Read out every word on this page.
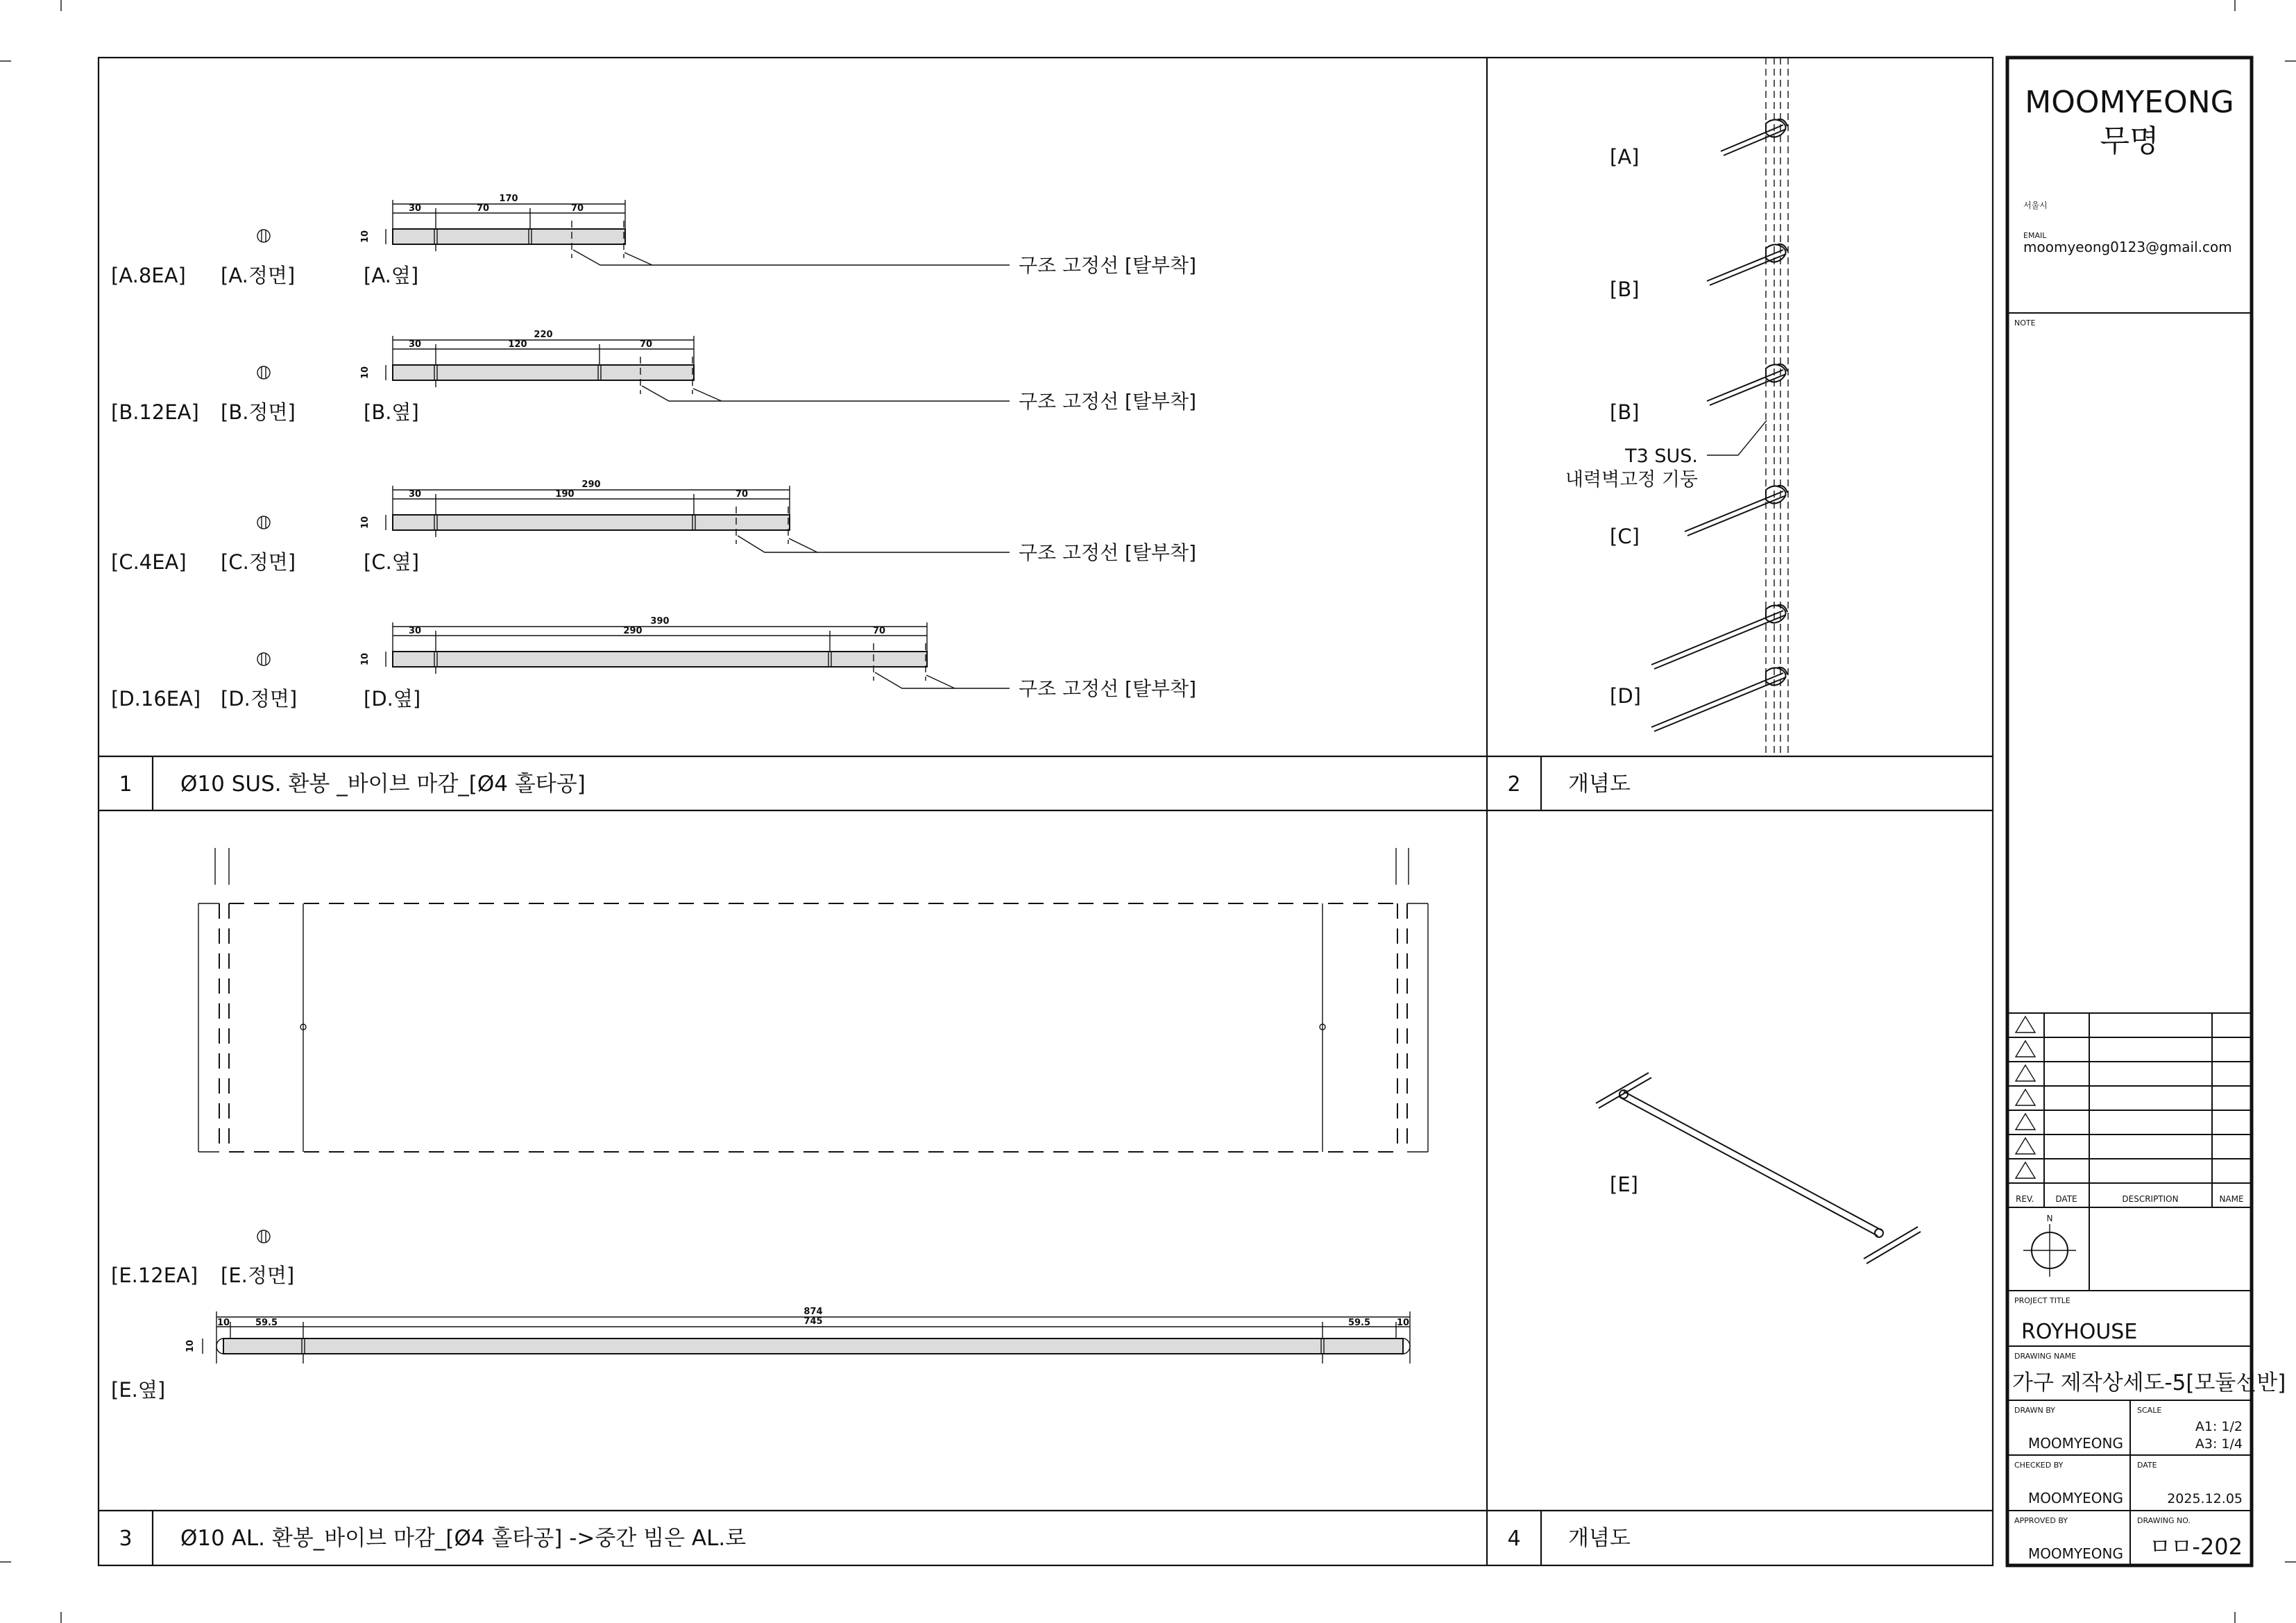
1 Ø10 SUS. 환봉 _바이브 마감_[Ø4 홀타공]
[A.8EA] [A.정면]	[A.옆]
170
30	70	70
10
구조 고정선 [탈부착]
[B.12EA] [B.정면]	[B.옆]
220
30	120	70
10
구조 고정선 [탈부착]
[C.4EA] [C.정면]	[C.옆]
290
30	190	70
10
구조 고정선 [탈부착]
[D.16EA] [D.정면]	[D.옆]
390
30	290	70
10
구조 고정선 [탈부착]
2 개념도
[A]
[B]
[B]
[C]
[D]
T3 SUS.
내력벽고정 기둥
3 Ø10 AL. 환봉_바이브 마감_[Ø4 홀타공] ->중간 빔은 AL.로
[E.12EA] [E.정면]
[E.옆]
874
745
59.5	59.5
10	10
10
4 개념도
[E]
MOOMYEONG
무명
서울시
EMAIL
moomyeong0123@gmail.com
NOTE
REV.	DATE	DESCRIPTION	NAME
N
PROJECT TITLE
ROYHOUSE
DRAWING NAME
가구 제작상세도-5[모듈선반]
DRAWN BY
MOOMYEONG
SCALE
A1: 1/2
A3: 1/4
CHECKED BY
MOOMYEONG
DATE
2025.12.05
APPROVED BY
MOOMYEONG
DRAWING NO.
ㅁㅁ-202
